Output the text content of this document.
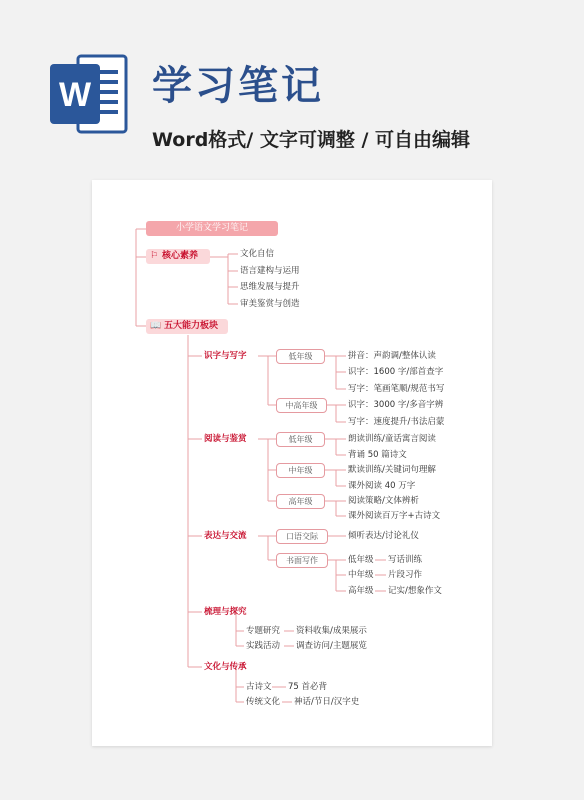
W 学习笔记
Word格式/ 文字可调整 / 可自由编辑
小学语文学习笔记
⚐ 核心素养	文化自信
语言建构与运用
思维发展与提升
审美鉴赏与创造
📖 五大能力板块
识字与写字	低年级
中高年级
拼音：声韵调/整体认读
识字：1600 字/部首查字
写字：笔画笔顺/规范书写
识字：3000 字/多音字辨
写字：速度提升/书法启蒙
阅读与鉴赏	低年级
中年级
高年级
朗读训练/童话寓言阅读
背诵 50 篇诗文
默读训练/关键词句理解
课外阅读 40 万字
阅读策略/文体辨析
课外阅读百万字+古诗文
表达与交流	口语交际
书面写作
倾听表达/讨论礼仪
低年级
中年级
高年级
写话训练
片段习作
记实/想象作文
梳理与探究
专题研究
实践活动
资料收集/成果展示
调查访问/主题展览
文化与传承
古诗文
传统文化
75 首必背
神话/节日/汉字史
